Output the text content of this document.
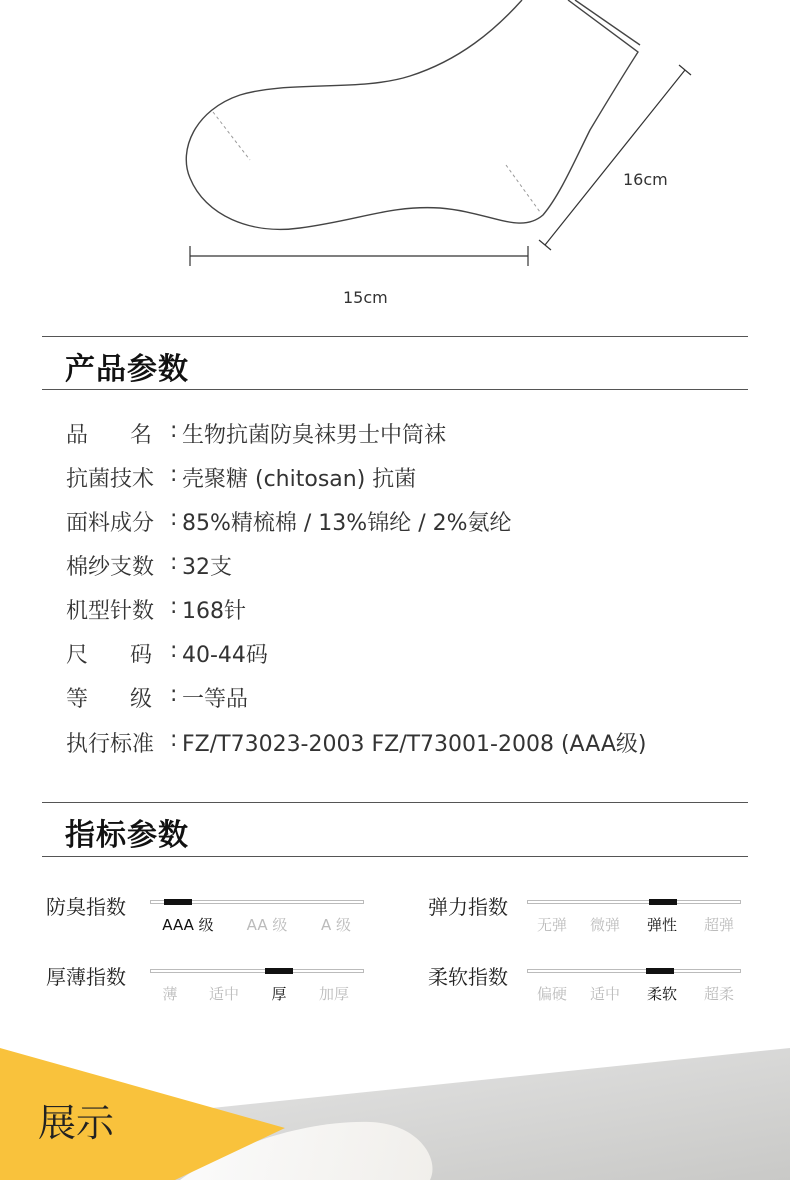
16cm
15cm
产品参数
品      名 : 生物抗菌防臭袜男士中筒袜
抗菌技术 : 壳聚糖 (chitosan) 抗菌
面料成分 : 85%精梳棉 / 13%锦纶 / 2%氨纶
棉纱支数 : 32支
机型针数 : 168针
尺      码 : 40-44码
等      级 : 一等品
执行标准 : FZ/T73023-2003 FZ/T73001-2008 (AAA级)
指标参数
防臭指数
AAA 级	AA 级	A 级
弹力指数
无弹	微弹	弹性	超弹
厚薄指数
薄	适中	厚	加厚
柔软指数
偏硬	适中	柔软	超柔
展示
